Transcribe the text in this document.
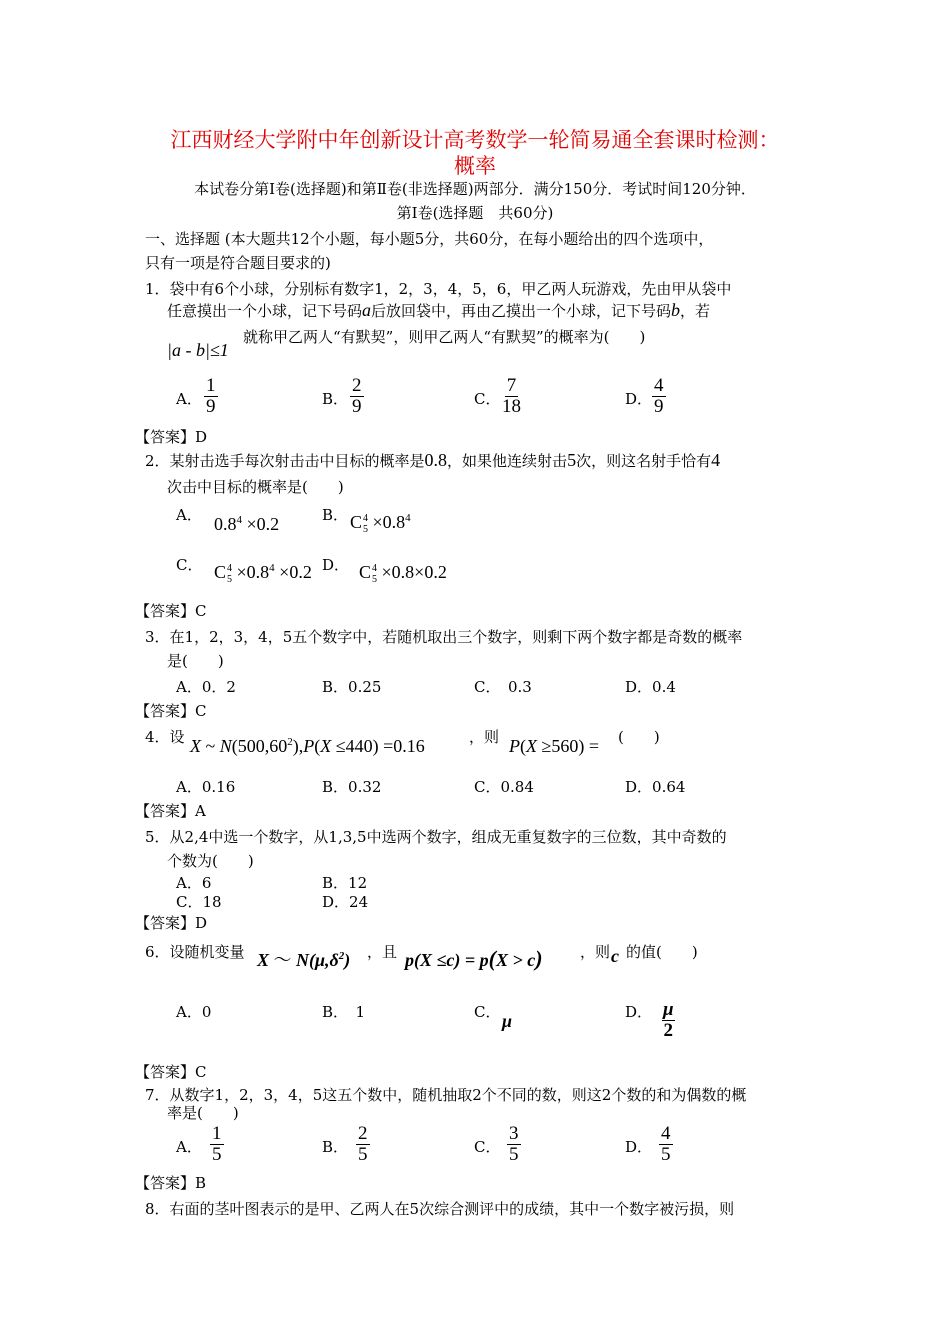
江西财经大学附中年创新设计高考数学一轮简易通全套课时检测：
概率
本试卷分第Ⅰ卷(选择题)和第Ⅱ卷(非选择题)两部分．满分150分．考试时间120分钟．
第Ⅰ卷(选择题　共60分)
一、选择题 (本大题共12个小题，每小题5分，共60分，在每小题给出的四个选项中，
只有一项是符合题目要求的)
1．袋中有6个小球，分别标有数字1，2，3，4，5，6，甲乙两人玩游戏，先由甲从袋中
任意摸出一个小球，记下号码a后放回袋中，再由乙摸出一个小球，记下号码b，若
就称甲乙两人“有默契”，则甲乙两人“有默契”的概率为(　　)
|a - b|≤1
A． $\frac{1}{9}$	B． $\frac{2}{9}$	C． $\frac{7}{18}$	D． $\frac{4}{9}$
【答案】D
2．某射击选手每次射击击中目标的概率是0.8，如果他连续射击5次，则这名射手恰有4
次击中目标的概率是(　　)
A． $0.8^4 \times 0.2$	B． C 4
$5 \times 0.8^4$
C． C 4
$5 \times 0.8^4 \times 0.2$ D． C 4
5 ×0.8×0.2
【答案】C
3．在1，2，3，4，5五个数字中，若随机取出三个数字，则剩下两个数字都是奇数的概率
是(　　)
A．0．2	B．0.25	C．　0.3	D．0.4
【答案】C
4．设 X ~ $N(500,60^2),P(X \le 440) =0.16$	，则 P(X ≥560) = (　　)
A．0.16	B．0.32	C．0.84	D．0.64
【答案】A
5．从2,4中选一个数字，从1,3,5中选两个数字，组成无重复数字的三位数，其中奇数的
个数为(　　)
A．6	B．12
C．18	D．24
【答案】D
6．设随机变量 X ～ $N(\mu,\delta^2)$ ，且 p(X ≤c) = p(X > c) ，则 c 的值(　　)
A．0	B．　1	C． μ	D． $\frac{\mu}{2}$
【答案】C
7．从数字1，2，3，4，5这五个数中，随机抽取2个不同的数，则这2个数的和为偶数的概
率是(　　)
A． $\frac{1}{5}$	B． $\frac{2}{5}$	C． $\frac{3}{5}$	D． $\frac{4}{5}$
【答案】B
8．右面的茎叶图表示的是甲、乙两人在5次综合测评中的成绩，其中一个数字被污损，则
